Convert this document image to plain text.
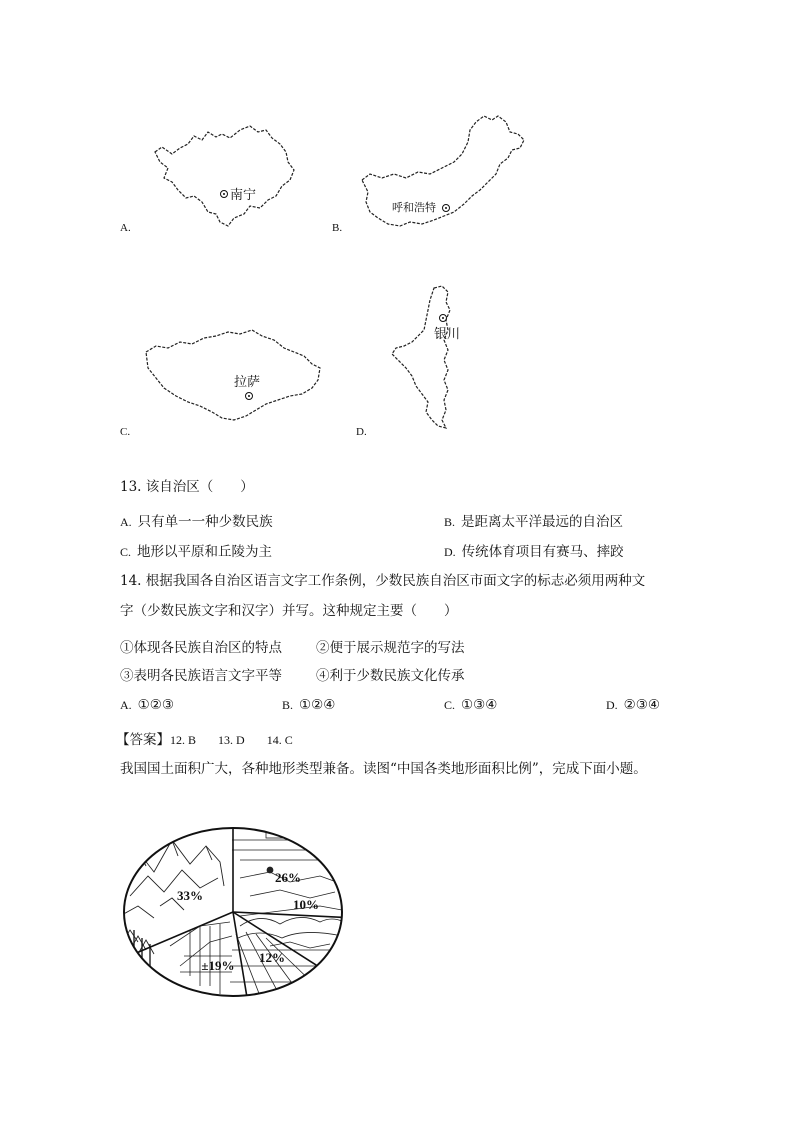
南宁
A.
呼和浩特
B.
拉萨
C.
银川
D.
13. 该自治区（　　）
A. 只有单一一种少数民族	B. 是距离太平洋最远的自治区
C. 地形以平原和丘陵为主	D. 传统体育项目有赛马、摔跤
14. 根据我国各自治区语言文字工作条例，少数民族自治区市面文字的标志必须用两种文
字（少数民族文字和汉字）并写。这种规定主要（　　）
①体现各民族自治区的特点	②便于展示规范字的写法
③表明各民族语言文字平等	④利于少数民族文化传承
A. ①②③	B. ①②④	C. ①③④	D. ②③④
【答案】12. B 13. D 14. C
我国国土面积广大，各种地形类型兼备。读图“中国各类地形面积比例”，完成下面小题。
26%
10%
12%
±19%
33%
